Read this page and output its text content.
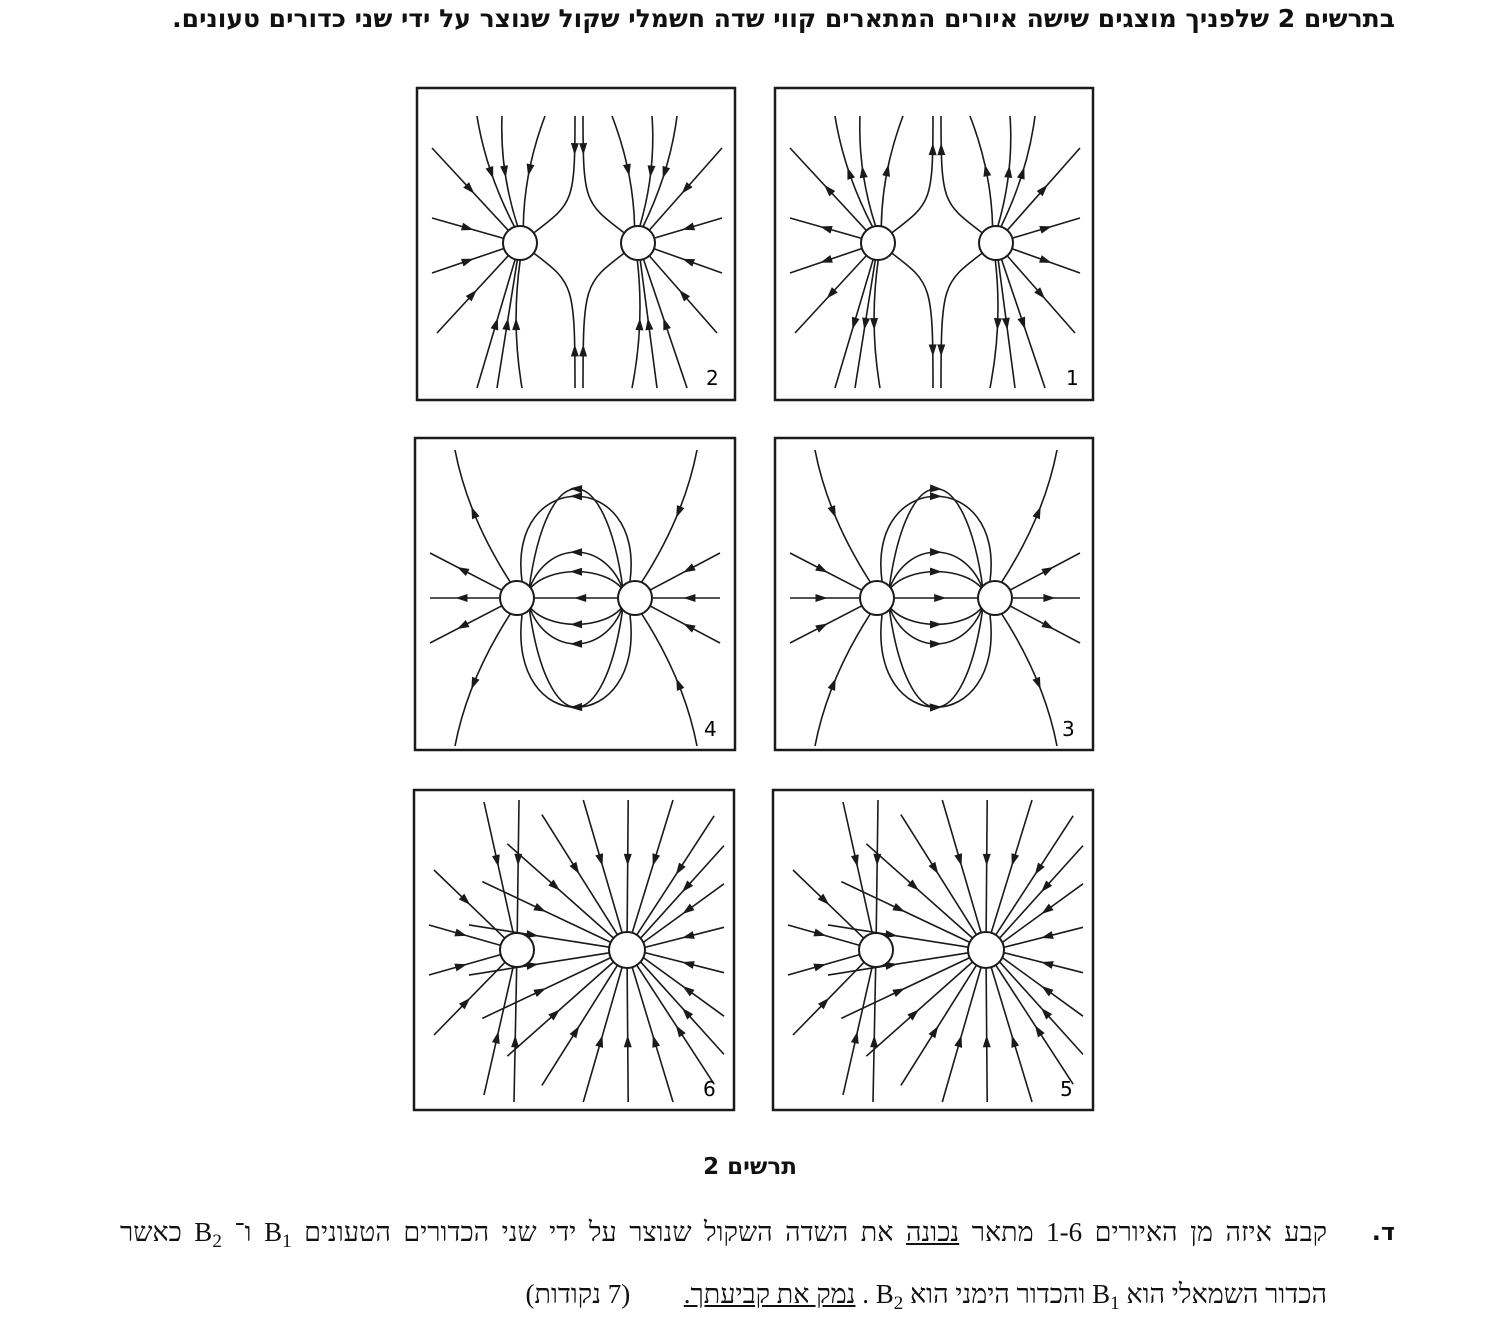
בתרשים 2 שלפניך מוצגים שישה איורים המתארים קווי שדה חשמלי שקול שנוצר על ידי שני כדורים טעונים.
1
2
3
4
5
6
תרשים 2
ד.
קבע איזה מן האיורים 1-6 מתאר נכונה את השדה השקול שנוצר על ידי שני הכדורים הטעונים $B_1$ ו־ $B_2$ כאשר
הכדור השמאלי הוא $B_1$ והכדור הימני הוא $B_2$ . נמק את קביעתך.  (7 נקודות)
